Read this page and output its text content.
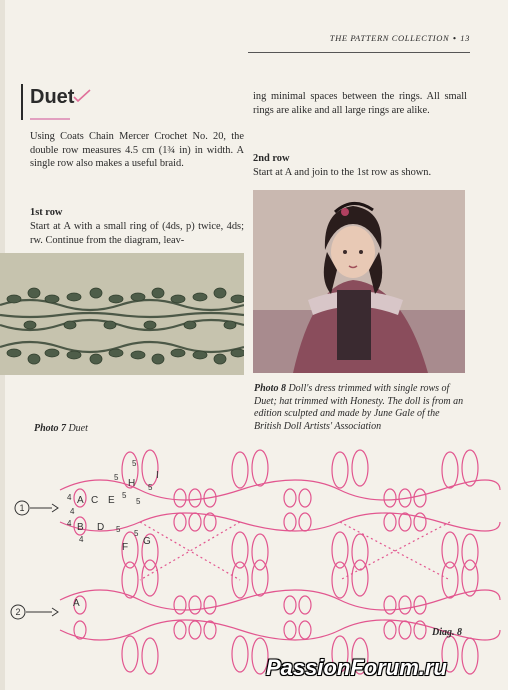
THE PATTERN COLLECTION • 13
Duet
Using Coats Chain Mercer Crochet No. 20, the double row measures 4.5 cm (1¾ in) in width. A single row also makes a useful braid.
1st row
Start at A with a small ring of (4ds, p) twice, 4ds; rw. Continue from the diagram, leav-
ing minimal spaces between the rings. All small rings are alike and all large rings are alike.
2nd row
Start at A and join to the 1st row as shown.
Photo 8 Doll's dress trimmed with single rows of Duet; hat trimmed with Honesty. The doll is from an edition sculpted and made by June Gale of the British Doll Artists' Association
Photo 7 Duet
1
2
A
B
C
D
E
F
G
H
I
A
5
5
5
5
5
4
4
4
4
5 5
Diag. 8
PassionForum.ru
